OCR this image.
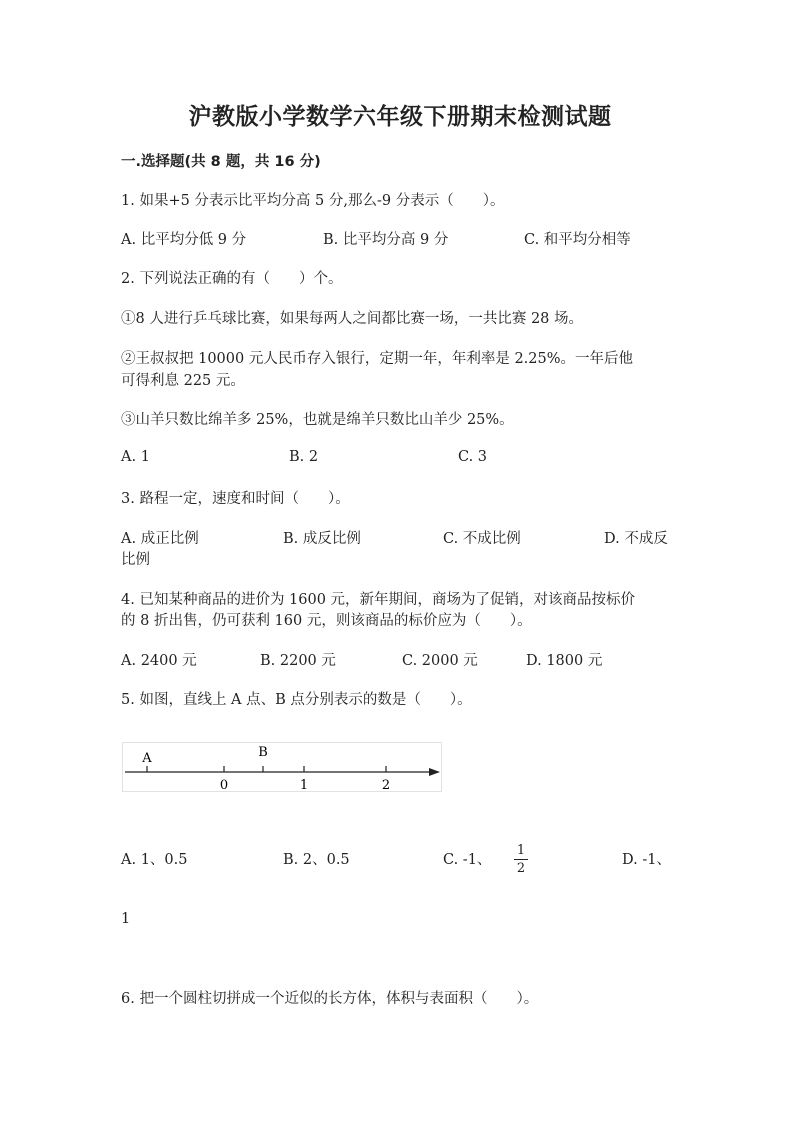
沪教版小学数学六年级下册期末检测试题
一.选择题(共 8 题，共 16 分)
1. 如果+5 分表示比平均分高 5 分,那么-9 分表示（　　）。
A. 比平均分低 9 分	B. 比平均分高 9 分	C. 和平均分相等
2. 下列说法正确的有（　　）个。
①8 人进行乒乓球比赛，如果每两人之间都比赛一场，一共比赛 28 场。
②王叔叔把 10000 元人民币存入银行，定期一年，年利率是 2.25%。一年后他
可得利息 225 元。
③山羊只数比绵羊多 25%，也就是绵羊只数比山羊少 25%。
A. 1	B. 2	C. 3
3. 路程一定，速度和时间（　　）。
A. 成正比例	B. 成反比例	C. 不成比例	D. 不成反
比例
4. 已知某种商品的进价为 1600 元，新年期间，商场为了促销，对该商品按标价
的 8 折出售，仍可获利 160 元，则该商品的标价应为（　　）。
A. 2400 元	B. 2200 元	C. 2000 元	D. 1800 元
5. 如图，直线上 A 点、B 点分别表示的数是（　　）。
A	B
0	1	2
A. 1、0.5	B. 2、0.5	C. -1、
1
2
D. -1、
1
6. 把一个圆柱切拼成一个近似的长方体，体积与表面积（　　）。
